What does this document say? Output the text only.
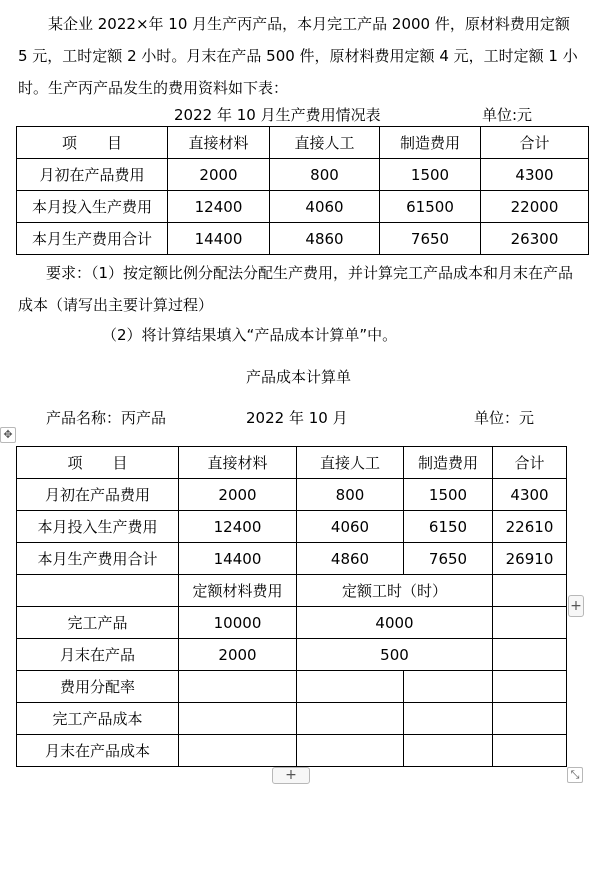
某企业 2022×年 10 月生产丙产品，本月完工产品 2000 件，原材料费用定额 5 元，工时定额 2 小时。月末在产品 500 件，原材料费用定额 4 元，工时定额 1 小时。生产丙产品发生的费用资料如下表：
2022 年 10 月生产费用情况表	单位:元
项　　目	直接材料	直接人工	制造费用	合计
月初在产品费用	2000	800	1500	4300
本月投入生产费用	12400	4060	61500	22000
本月生产费用合计	14400	4860	7650	26300
要求：（1）按定额比例分配法分配生产费用，并计算完工产品成本和月末在产品成本（请写出主要计算过程）
（2）将计算结果填入“产品成本计算单”中。
产品成本计算单
产品名称：丙产品	2022 年 10 月	单位：元
✥
项　　目	直接材料	直接人工	制造费用	合计
月初在产品费用	2000	800	1500	4300
本月投入生产费用	12400	4060	6150	22610
本月生产费用合计	14400	4860	7650	26910
	定额材料费用	定额工时（时）		
完工产品	10000	4000		
月末在产品	2000	500		
费用分配率				
完工产品成本				
月末在产品成本				
+
+	⤡
